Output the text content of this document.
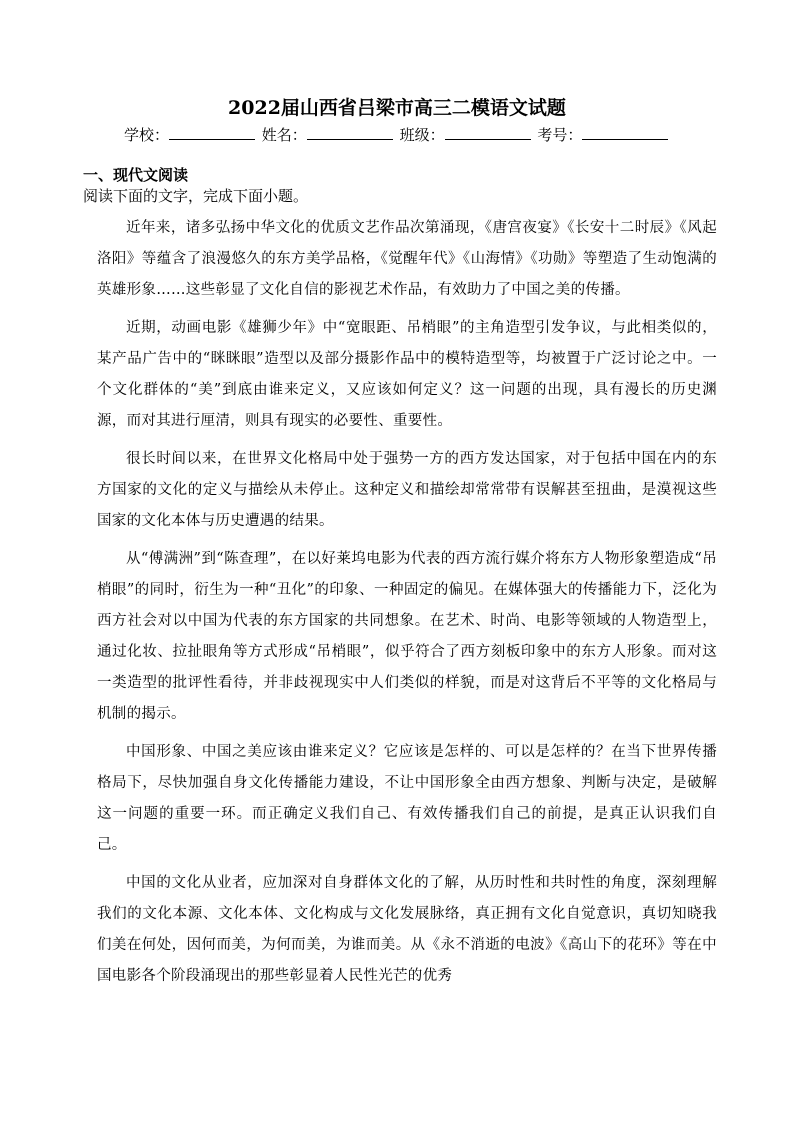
2022届山西省吕梁市高三二模语文试题
学校：	姓名：	班级：	考号：
一、现代文阅读
阅读下面的文字，完成下面小题。

近年来，诸多弘扬中华文化的优质文艺作品次第涌现，《唐宫夜宴》《长安十二时辰》《风起洛阳》等蕴含了浪漫悠久的东方美学品格，《觉醒年代》《山海情》《功勋》等塑造了生动饱满的英雄形象……这些彰显了文化自信的影视艺术作品，有效助力了中国之美的传播。

近期，动画电影《雄狮少年》中“宽眼距、吊梢眼”的主角造型引发争议，与此相类似的，某产品广告中的“眯眯眼”造型以及部分摄影作品中的模特造型等，均被置于广泛讨论之中。一个文化群体的“美”到底由谁来定义，又应该如何定义？这一问题的出现，具有漫长的历史渊源，而对其进行厘清，则具有现实的必要性、重要性。

很长时间以来，在世界文化格局中处于强势一方的西方发达国家，对于包括中国在内的东方国家的文化的定义与描绘从未停止。这种定义和描绘却常常带有误解甚至扭曲，是漠视这些国家的文化本体与历史遭遇的结果。

从“傅满洲”到“陈查理”，在以好莱坞电影为代表的西方流行媒介将东方人物形象塑造成“吊梢眼”的同时，衍生为一种“丑化”的印象、一种固定的偏见。在媒体强大的传播能力下，泛化为西方社会对以中国为代表的东方国家的共同想象。在艺术、时尚、电影等领域的人物造型上，通过化妆、拉扯眼角等方式形成“吊梢眼”，似乎符合了西方刻板印象中的东方人形象。而对这一类造型的批评性看待，并非歧视现实中人们类似的样貌，而是对这背后不平等的文化格局与机制的揭示。

中国形象、中国之美应该由谁来定义？它应该是怎样的、可以是怎样的？在当下世界传播格局下，尽快加强自身文化传播能力建设，不让中国形象全由西方想象、判断与决定，是破解这一问题的重要一环。而正确定义我们自己、有效传播我们自己的前提，是真正认识我们自己。

中国的文化从业者，应加深对自身群体文化的了解，从历时性和共时性的角度，深刻理解我们的文化本源、文化本体、文化构成与文化发展脉络，真正拥有文化自觉意识，真切知晓我们美在何处，因何而美，为何而美，为谁而美。从《永不消逝的电波》《高山下的花环》等在中国电影各个阶段涌现出的那些彰显着人民性光芒的优秀
